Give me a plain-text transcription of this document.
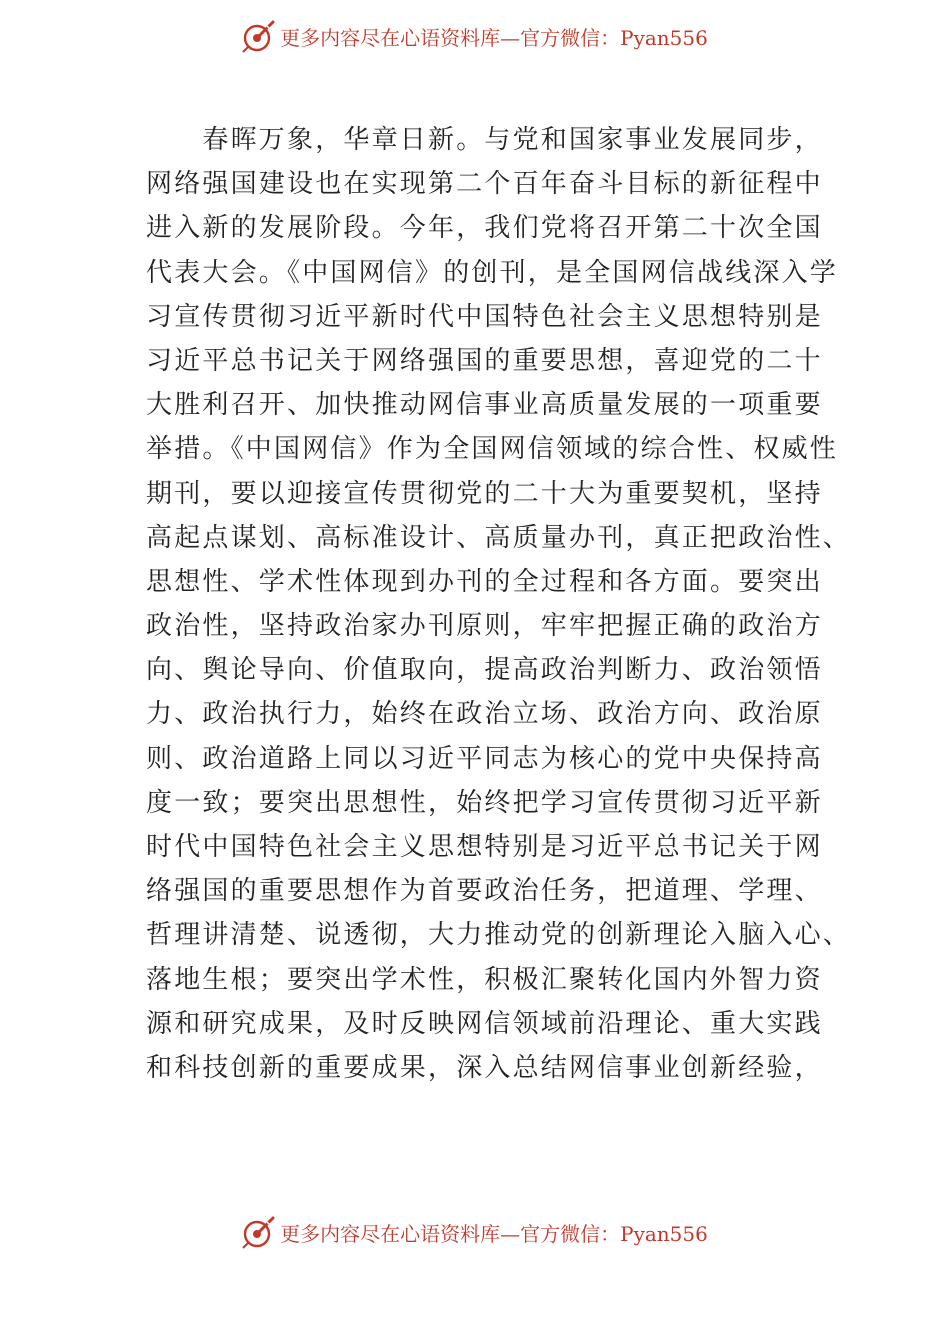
更多内容尽在心语资料库—官方微信：Pyan556
　　春晖万象，华章日新。与党和国家事业发展同步，
网络强国建设也在实现第二个百年奋斗目标的新征程中
进入新的发展阶段。今年，我们党将召开第二十次全国
代表大会。《中国网信》的创刊，是全国网信战线深入学
习宣传贯彻习近平新时代中国特色社会主义思想特别是
习近平总书记关于网络强国的重要思想，喜迎党的二十
大胜利召开、加快推动网信事业高质量发展的一项重要
举措。《中国网信》作为全国网信领域的综合性、权威性
期刊，要以迎接宣传贯彻党的二十大为重要契机，坚持
高起点谋划、高标准设计、高质量办刊，真正把政治性、
思想性、学术性体现到办刊的全过程和各方面。要突出
政治性，坚持政治家办刊原则，牢牢把握正确的政治方
向、舆论导向、价值取向，提高政治判断力、政治领悟
力、政治执行力，始终在政治立场、政治方向、政治原
则、政治道路上同以习近平同志为核心的党中央保持高
度一致；要突出思想性，始终把学习宣传贯彻习近平新
时代中国特色社会主义思想特别是习近平总书记关于网
络强国的重要思想作为首要政治任务，把道理、学理、
哲理讲清楚、说透彻，大力推动党的创新理论入脑入心、
落地生根；要突出学术性，积极汇聚转化国内外智力资
源和研究成果，及时反映网信领域前沿理论、重大实践
和科技创新的重要成果，深入总结网信事业创新经验，
更多内容尽在心语资料库—官方微信：Pyan556
